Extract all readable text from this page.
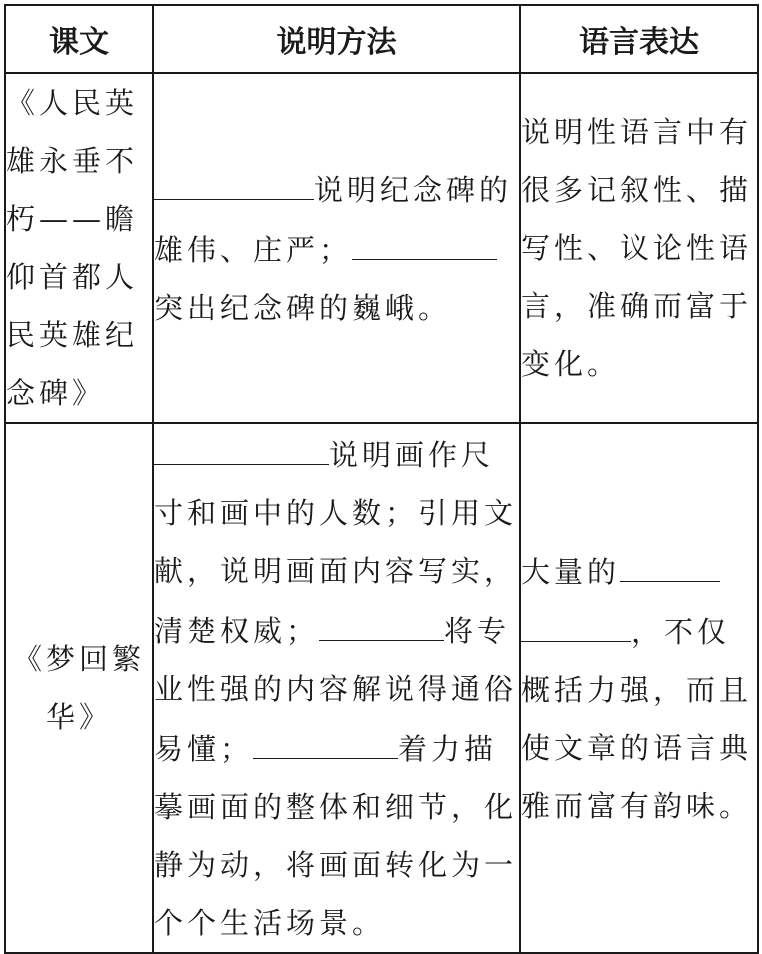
课文	说明方法	语言表达
《人民英雄永垂不朽——瞻仰首都人民英雄纪念碑》	说明纪念碑的雄伟、庄严；突出纪念碑的巍峨。	说明性语言中有很多记叙性、描写性、议论性语言，准确而富于变化。
《梦回繁华》	说明画作尺寸和画中的人数；引用文献，说明画面内容写实，清楚权威； 将专业性强的内容解说得通俗易懂； 着力描摹画面的整体和细节，化静为动，将画面转化为一个个生活场景。	大量的，不仅概括力强，而且使文章的语言典雅而富有韵味。
